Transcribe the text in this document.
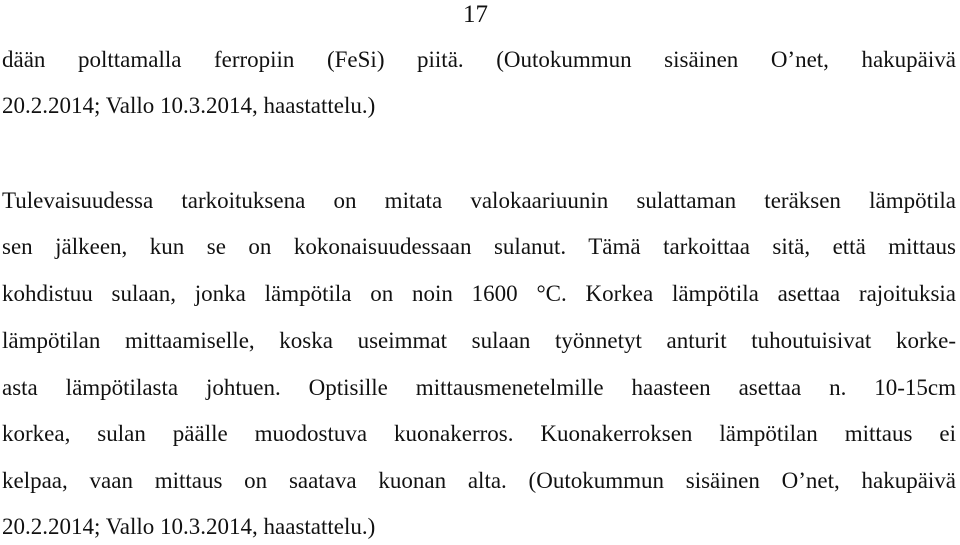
17
dään polttamalla ferropiin (FeSi) piitä. (Outokummun sisäinen O’net, hakupäivä
20.2.2014; Vallo 10.3.2014, haastattelu.)
Tulevaisuudessa tarkoituksena on mitata valokaariuunin sulattaman teräksen lämpötila
sen jälkeen, kun se on kokonaisuudessaan sulanut. Tämä tarkoittaa sitä, että mittaus
kohdistuu sulaan, jonka lämpötila on noin 1600 °C. Korkea lämpötila asettaa rajoituksia
lämpötilan mittaamiselle, koska useimmat sulaan työnnetyt anturit tuhoutuisivat korke-
asta lämpötilasta johtuen. Optisille mittausmenetelmille haasteen asettaa n. 10-15cm
korkea, sulan päälle muodostuva kuonakerros. Kuonakerroksen lämpötilan mittaus ei
kelpaa, vaan mittaus on saatava kuonan alta. (Outokummun sisäinen O’net, hakupäivä
20.2.2014; Vallo 10.3.2014, haastattelu.)
